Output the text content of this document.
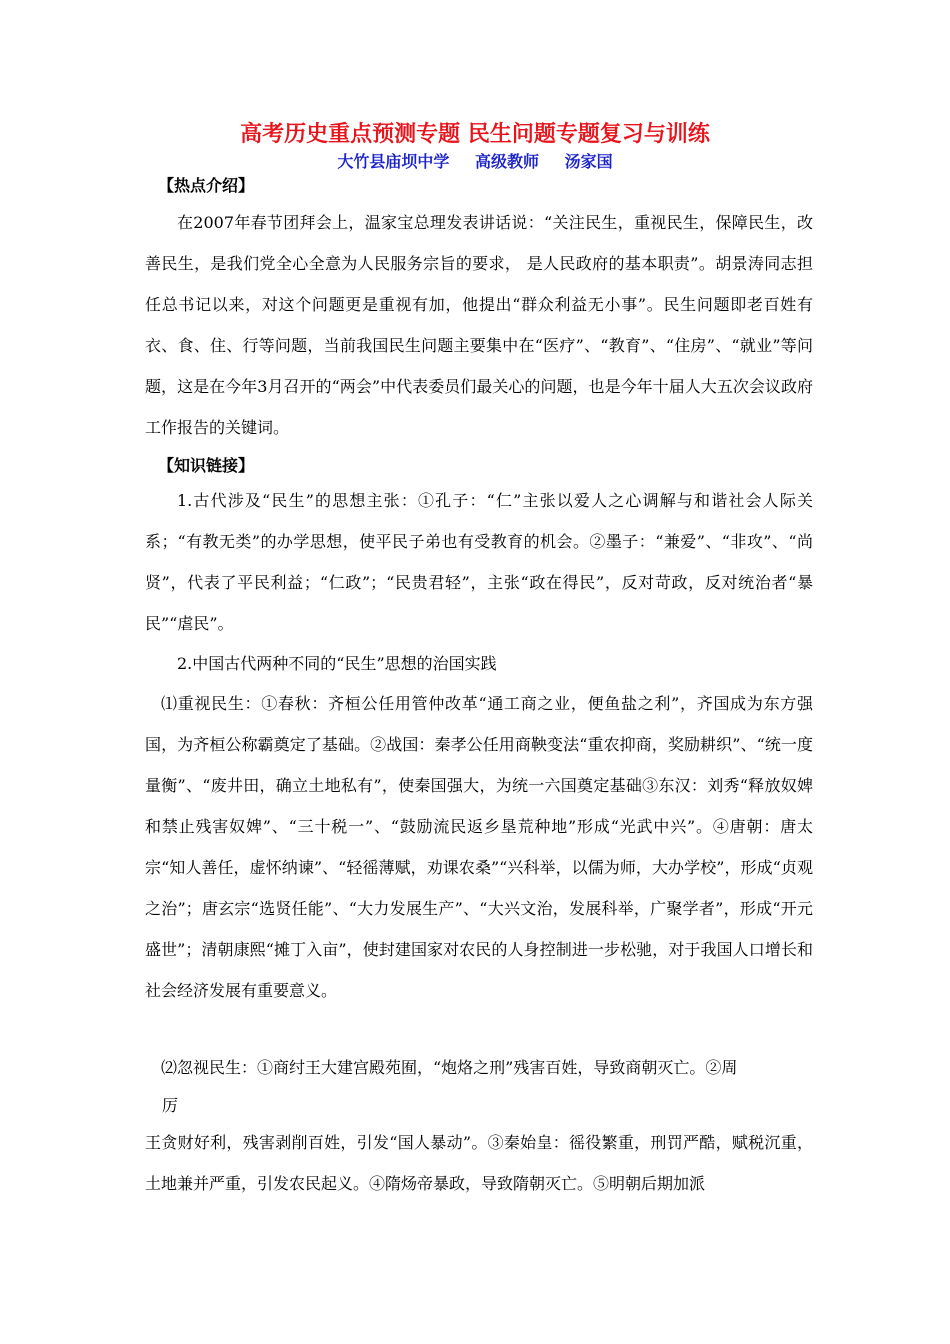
高考历史重点预测专题 民生问题专题复习与训练
大竹县庙坝中学 高级教师 汤家国
【热点介绍】
在2007年春节团拜会上，温家宝总理发表讲话说：“关注民生，重视民生，保障民生，改善民生，是我们党全心全意为人民服务宗旨的要求， 是人民政府的基本职责”。胡景涛同志担任总书记以来，对这个问题更是重视有加，他提出“群众利益无小事”。民生问题即老百姓有衣、食、住、行等问题，当前我国民生问题主要集中在“医疗”、“教育”、“住房”、“就业”等问题，这是在今年3月召开的“两会”中代表委员们最关心的问题，也是今年十届人大五次会议政府工作报告的关键词。
【知识链接】
1.古代涉及“民生”的思想主张：①孔子：“仁”主张以爱人之心调解与和谐社会人际关系；“有教无类”的办学思想，使平民子弟也有受教育的机会。②墨子：“兼爱”、“非攻”、“尚贤”，代表了平民利益；“仁政”；“民贵君轻”，主张“政在得民”，反对苛政，反对统治者“暴民”“虐民”。
2.中国古代两种不同的“民生”思想的治国实践
⑴重视民生：①春秋：齐桓公任用管仲改革“通工商之业，便鱼盐之利”，齐国成为东方强国，为齐桓公称霸奠定了基础。②战国：秦孝公任用商鞅变法“重农抑商，奖励耕织”、“统一度量衡”、“废井田，确立土地私有”，使秦国强大，为统一六国奠定基础③东汉：刘秀“释放奴婢和禁止残害奴婢”、“三十税一”、“鼓励流民返乡垦荒种地”形成“光武中兴”。④唐朝：唐太宗“知人善任，虚怀纳谏”、“轻徭薄赋，劝课农桑”“兴科举，以儒为师，大办学校”，形成“贞观之治”；唐玄宗“选贤任能”、“大力发展生产”、“大兴文治，发展科举，广聚学者”，形成“开元盛世”；清朝康熙“摊丁入亩”，使封建国家对农民的人身控制进一步松驰，对于我国人口增长和社会经济发展有重要意义。
⑵忽视民生：①商纣王大建宫殿苑囿，“炮烙之刑”残害百姓，导致商朝灭亡。②周
厉
王贪财好利，残害剥削百姓，引发“国人暴动”。③秦始皇：徭役繁重，刑罚严酷，赋税沉重，土地兼并严重，引发农民起义。④隋炀帝暴政，导致隋朝灭亡。⑤明朝后期加派
